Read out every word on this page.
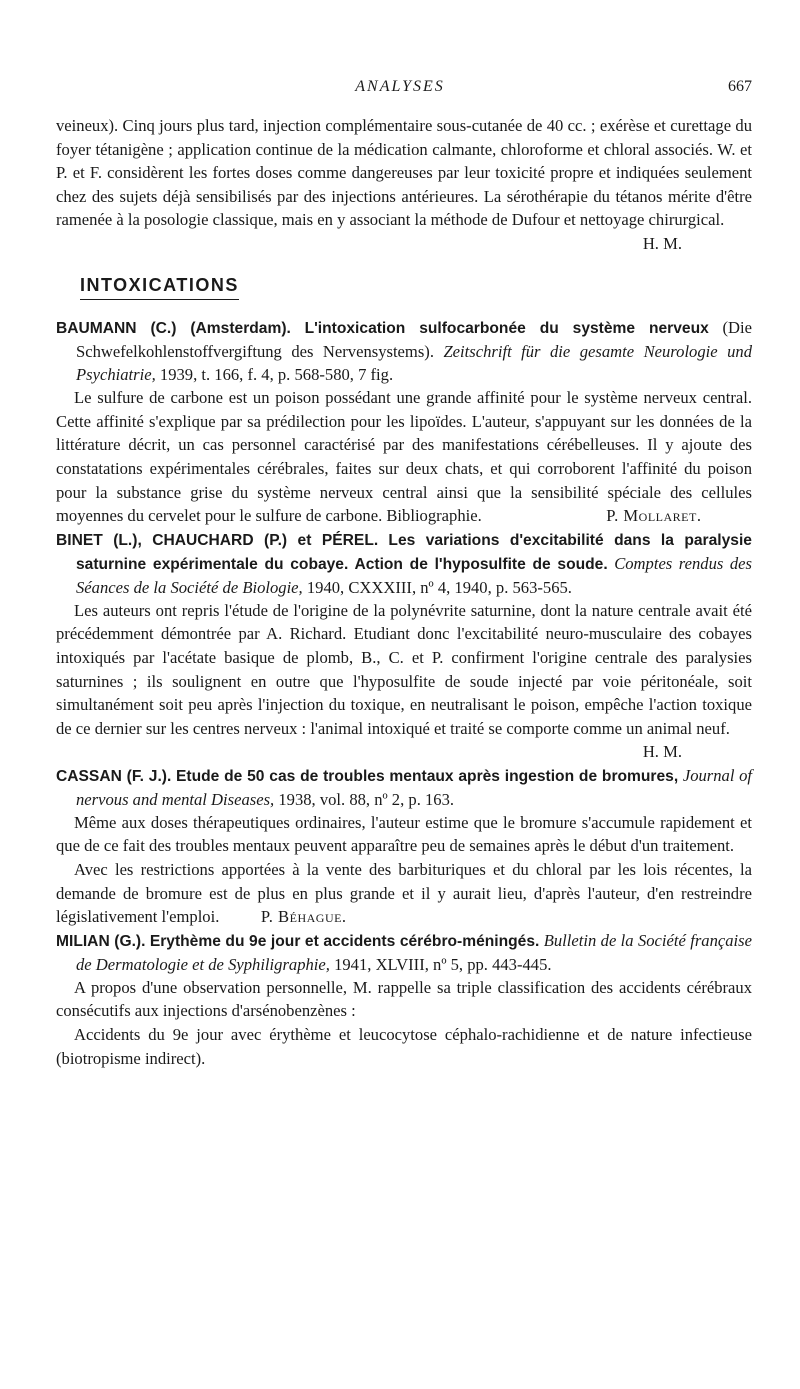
ANALYSES	667

veineux). Cinq jours plus tard, injection complémentaire sous-cutanée de 40 cc. ; exérèse et curettage du foyer tétanigène ; application continue de la médication calmante, chloroforme et chloral associés. W. et P. et F. considèrent les fortes doses comme dangereuses par leur toxicité propre et indiquées seulement chez des sujets déjà sensibilisés par des injections antérieures. La sérothérapie du tétanos mérite d'être ramenée à la posologie classique, mais en y associant la méthode de Dufour et nettoyage chirurgical.

H. M.

INTOXICATIONS

BAUMANN (C.) (Amsterdam). L'intoxication sulfocarbonée du système nerveux (Die Schwefelkohlenstoffvergiftung des Nervensystems). Zeitschrift für die gesamte Neurologie und Psychiatrie, 1939, t. 166, f. 4, p. 568-580, 7 fig.

Le sulfure de carbone est un poison possédant une grande affinité pour le système nerveux central. Cette affinité s'explique par sa prédilection pour les lipoïdes. L'auteur, s'appuyant sur les données de la littérature décrit, un cas personnel caractérisé par des manifestations cérébelleuses. Il y ajoute des constatations expérimentales cérébrales, faites sur deux chats, et qui corroborent l'affinité du poison pour la substance grise du système nerveux central ainsi que la sensibilité spéciale des cellules moyennes du cervelet pour le sulfure de carbone. Bibliographie.	P. Mollaret.

BINET (L.), CHAUCHARD (P.) et PÉREL. Les variations d'excitabilité dans la paralysie saturnine expérimentale du cobaye. Action de l'hyposulfite de soude. Comptes rendus des Séances de la Société de Biologie, 1940, CXXXIII, nº 4, 1940, p. 563-565.

Les auteurs ont repris l'étude de l'origine de la polynévrite saturnine, dont la nature centrale avait été précédemment démontrée par A. Richard. Etudiant donc l'excitabilité neuro-musculaire des cobayes intoxiqués par l'acétate basique de plomb, B., C. et P. confirment l'origine centrale des paralysies saturnines ; ils soulignent en outre que l'hyposulfite de soude injecté par voie péritonéale, soit simultanément soit peu après l'injection du toxique, en neutralisant le poison, empêche l'action toxique de ce dernier sur les centres nerveux : l'animal intoxiqué et traité se comporte comme un animal neuf.

H. M.

CASSAN (F. J.). Etude de 50 cas de troubles mentaux après ingestion de bromures, Journal of nervous and mental Diseases, 1938, vol. 88, nº 2, p. 163.

Même aux doses thérapeutiques ordinaires, l'auteur estime que le bromure s'accumule rapidement et que de ce fait des troubles mentaux peuvent apparaître peu de semaines après le début d'un traitement.

Avec les restrictions apportées à la vente des barbituriques et du chloral par les lois récentes, la demande de bromure est de plus en plus grande et il y aurait lieu, d'après l'auteur, d'en restreindre législativement l'emploi. P. Béhague.

MILIAN (G.). Erythème du 9e jour et accidents cérébro-méningés. Bulletin de la Société française de Dermatologie et de Syphiligraphie, 1941, XLVIII, nº 5, pp. 443-445.

A propos d'une observation personnelle, M. rappelle sa triple classification des accidents cérébraux consécutifs aux injections d'arsénobenzènes :

Accidents du 9e jour avec érythème et leucocytose céphalo-rachidienne et de nature infectieuse (biotropisme indirect).
